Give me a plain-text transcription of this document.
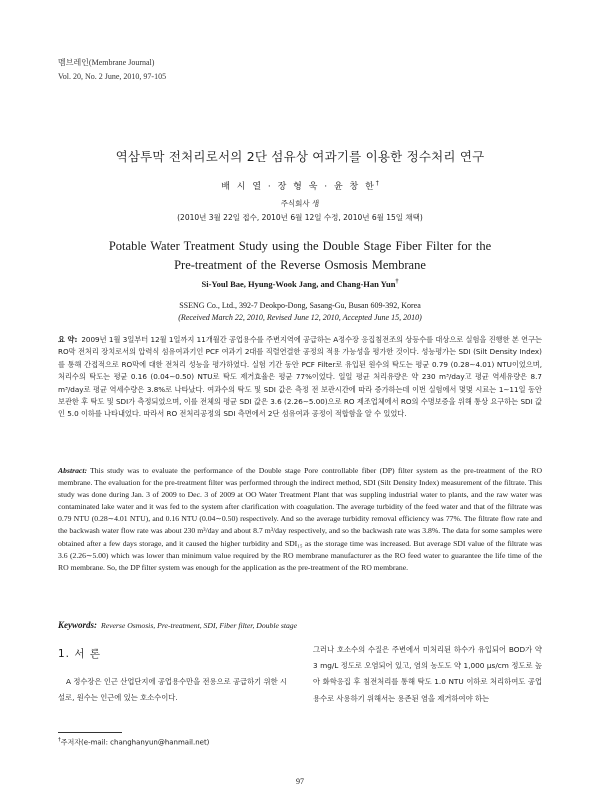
멤브레인(Membrane Journal)
Vol. 20, No. 2 June, 2010, 97-105
역삼투막 전처리로서의 2단 섬유상 여과기를 이용한 정수처리 연구
배 시 열 · 장 형 욱 · 윤 창 한†
주식회사 생
(2010년 3월 22일 접수, 2010년 6월 12일 수정, 2010년 6월 15일 채택)
Potable Water Treatment Study using the Double Stage Fiber Filter for the
Pre-treatment of the Reverse Osmosis Membrane
Si-Youl Bae, Hyung-Wook Jang, and Chang-Han Yun†
SSENG Co., Ltd., 392-7 Deokpo-Dong, Sasang-Gu, Busan 609-392, Korea
(Received March 22, 2010, Revised June 12, 2010, Accepted June 15, 2010)
요 약: 2009년 1월 3일부터 12월 1일까지 11개월간 공업용수를 주변지역에 공급하는 A정수장 응집침전조의 상등수를 대상으로 실험을 진행한 본 연구는 RO막 전처리 장치로서의 압력식 섬유여과기인 PCF 여과기 2대를 직렬연결한 공정의 적용 가능성을 평가한 것이다. 성능평가는 SDI (Silt Density Index)를 통해 간접적으로 RO막에 대한 전처리 성능을 평가하였다. 실험 기간 동안 PCF Filter로 유입된 원수의 탁도는 평균 0.79 (0.28∼4.01) NTU이었으며, 처리수의 탁도는 평균 0.16 (0.04∼0.50) NTU로 탁도 제거효율은 평균 77%이었다. 일일 평균 처리유량은 약 230 m³/day고 평균 역세유량은 8.7 m³/day로 평균 역세수량은 3.8%로 나타났다. 여과수의 탁도 및 SDI 값은 측정 전 보관시간에 따라 증가하는데 이번 실험에서 몇몇 시료는 1∼11일 동안 보관한 후 탁도 및 SDI가 측정되었으며, 이를 전체의 평균 SDI 값은 3.6 (2.26∼5.00)으로 RO 제조업체에서 RO의 수명보증을 위해 통상 요구하는 SDI 값인 5.0 이하를 나타내었다. 따라서 RO 전처리공정의 SDI 측면에서 2단 섬유여과 공정이 적합함을 알 수 있었다.
Abstract: This study was to evaluate the performance of the Double stage Pore controllable fiber (DP) filter system as the pre-treatment of the RO membrane. The evaluation for the pre-treatment filter was performed through the indirect method, SDI (Silt Density Index) measurement of the filtrate. This study was done during Jan. 3 of 2009 to Dec. 3 of 2009 at OO Water Treatment Plant that was suppling industrial water to plants, and the raw water was contaminated lake water and it was fed to the system after clarification with coagulation. The average turbidity of the feed water and that of the filtrate was 0.79 NTU (0.28∼4.01 NTU), and 0.16 NTU (0.04∼0.50) respectively. And so the average turbidity removal efficiency was 77%. The filtrate flow rate and the backwash water flow rate was about 230 m³/day and about 8.7 m³/day respectively, and so the backwash rate was 3.8%. The data for some samples were obtained after a few days storage, and it caused the higher turbidity and SDI₁₅ as the storage time was increased. But average SDI value of the filtrate was 3.6 (2.26∼5.00) which was lower than minimum value required by the RO membrane manufacturer as the RO feed water to guarantee the life time of the RO membrane. So, the DP filter system was enough for the application as the pre-treatment of the RO membrane.
Keywords: Reverse Osmosis, Pre-treatment, SDI, Fiber filter, Double stage
1. 서 론
A 정수장은 인근 산업단지에 공업용수만을 전용으로 공급하기 위한 시설로, 원수는 인근에 있는 호소수이다.
그러나 호소수의 수질은 주변에서 미처리된 하수가 유입되어 BOD가 약 3 mg/L 정도로 오염되어 있고, 염의 농도도 약 1,000 μs/cm 정도로 높아 화학응집 후 침전처리를 통해 탁도 1.0 NTU 이하로 처리하여도 공업용수로 사용하기 위해서는 용존된 염을 제거하여야 하는
†주저자(e-mail: changhanyun@hanmail.net)
97
